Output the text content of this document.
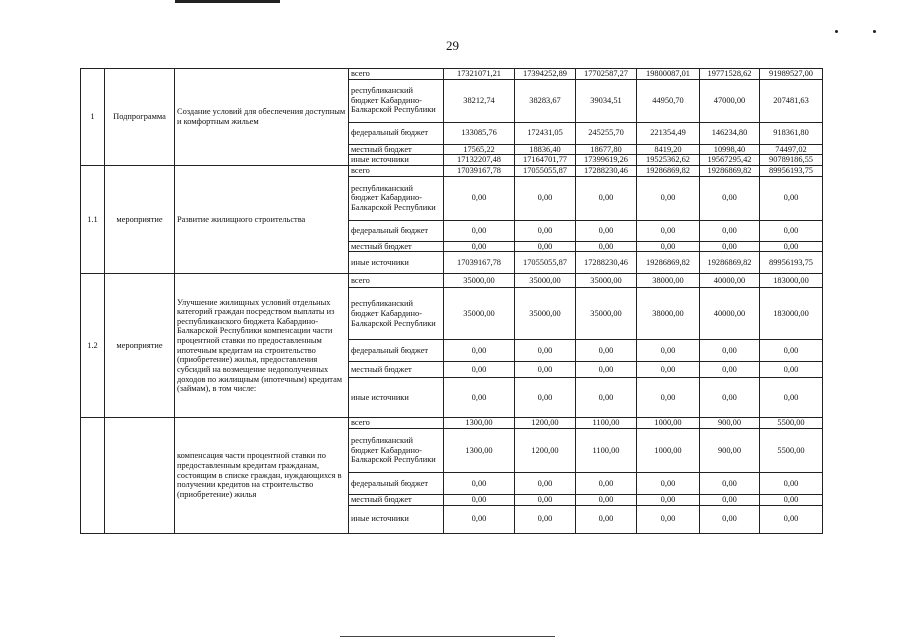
29
1	Подпрограмма	Создание условий для обеспечения доступным и комфортным жильем	всего	17321071,21	17394252,89	17702587,27	19800087,01	19771528,62	91989527,00
			республиканский бюджет Кабардино-Балкарской Республики	38212,74	38283,67	39034,51	44950,70	47000,00	207481,63
			федеральный бюджет	133085,76	172431,05	245255,70	221354,49	146234,80	918361,80
			местный бюджет	17565,22	18836,40	18677,80	8419,20	10998,40	74497,02
			иные источники	17132207,48	17164701,77	17399619,26	19525362,62	19567295,42	90789186,55
1.1	мероприятие	Развитие жилищного строительства	всего	17039167,78	17055055,87	17288230,46	19286869,82	19286869,82	89956193,75
			республиканский бюджет Кабардино-Балкарской Республики	0,00	0,00	0,00	0,00	0,00	0,00
			федеральный бюджет	0,00	0,00	0,00	0,00	0,00	0,00
			местный бюджет	0,00	0,00	0,00	0,00	0,00	0,00
			иные источники	17039167,78	17055055,87	17288230,46	19286869,82	19286869,82	89956193,75
1.2	мероприятие	Улучшение жилищных условий отдельных категорий граждан посредством выплаты из республиканского бюджета Кабардино-Балкарской Республики компенсации части процентной ставки по предоставленным ипотечным кредитам на строительство (приобретение) жилья, предоставления субсидий на возмещение недополученных доходов по жилищным (ипотечным) кредитам (займам), в том числе:	всего	35000,00	35000,00	35000,00	38000,00	40000,00	183000,00
			республиканский бюджет Кабардино-Балкарской Республики	35000,00	35000,00	35000,00	38000,00	40000,00	183000,00
			федеральный бюджет	0,00	0,00	0,00	0,00	0,00	0,00
			местный бюджет	0,00	0,00	0,00	0,00	0,00	0,00
			иные источники	0,00	0,00	0,00	0,00	0,00	0,00
		компенсация части процентной ставки по предоставленным кредитам гражданам, состоящим в списке граждан, нуждающихся в получении кредитов на строительство (приобретение) жилья	всего	1300,00	1200,00	1100,00	1000,00	900,00	5500,00
			республиканский бюджет Кабардино-Балкарской Республики	1300,00	1200,00	1100,00	1000,00	900,00	5500,00
			федеральный бюджет	0,00	0,00	0,00	0,00	0,00	0,00
			местный бюджет	0,00	0,00	0,00	0,00	0,00	0,00
			иные источники	0,00	0,00	0,00	0,00	0,00	0,00
